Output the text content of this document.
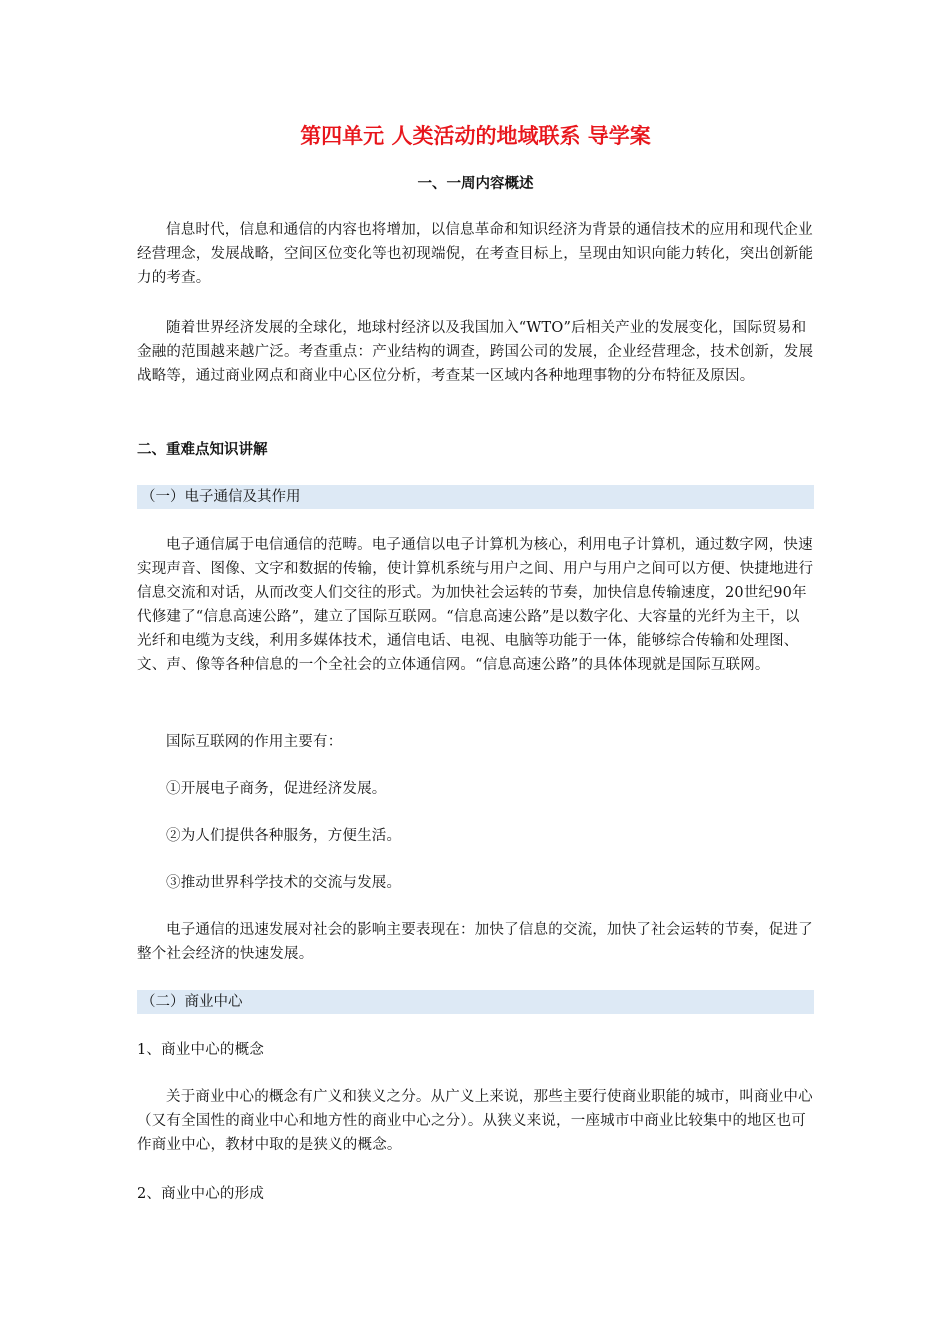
第四单元 人类活动的地域联系 导学案
一、一周内容概述

信息时代，信息和通信的内容也将增加，以信息革命和知识经济为背景的通信技术的应用和现代企业经营理念，发展战略，空间区位变化等也初现端倪，在考查目标上，呈现由知识向能力转化，突出创新能力的考查。

随着世界经济发展的全球化，地球村经济以及我国加入“WTO”后相关产业的发展变化，国际贸易和金融的范围越来越广泛。考查重点：产业结构的调查，跨国公司的发展，企业经营理念，技术创新，发展战略等，通过商业网点和商业中心区位分析，考查某一区域内各种地理事物的分布特征及原因。

二、重难点知识讲解
（一）电子通信及其作用

电子通信属于电信通信的范畴。电子通信以电子计算机为核心，利用电子计算机，通过数字网，快速实现声音、图像、文字和数据的传输，使计算机系统与用户之间、用户与用户之间可以方便、快捷地进行信息交流和对话，从而改变人们交往的形式。为加快社会运转的节奏，加快信息传输速度，20世纪90年代修建了“信息高速公路”，建立了国际互联网。“信息高速公路”是以数字化、大容量的光纤为主干，以光纤和电缆为支线，利用多媒体技术，通信电话、电视、电脑等功能于一体，能够综合传输和处理图、文、声、像等各种信息的一个全社会的立体通信网。“信息高速公路”的具体体现就是国际互联网。

国际互联网的作用主要有：

①开展电子商务，促进经济发展。

②为人们提供各种服务，方便生活。

③推动世界科学技术的交流与发展。

电子通信的迅速发展对社会的影响主要表现在：加快了信息的交流，加快了社会运转的节奏，促进了整个社会经济的快速发展。

（二）商业中心

1、商业中心的概念

关于商业中心的概念有广义和狭义之分。从广义上来说，那些主要行使商业职能的城市，叫商业中心（又有全国性的商业中心和地方性的商业中心之分）。从狭义来说，一座城市中商业比较集中的地区也可作商业中心，教材中取的是狭义的概念。

2、商业中心的形成
